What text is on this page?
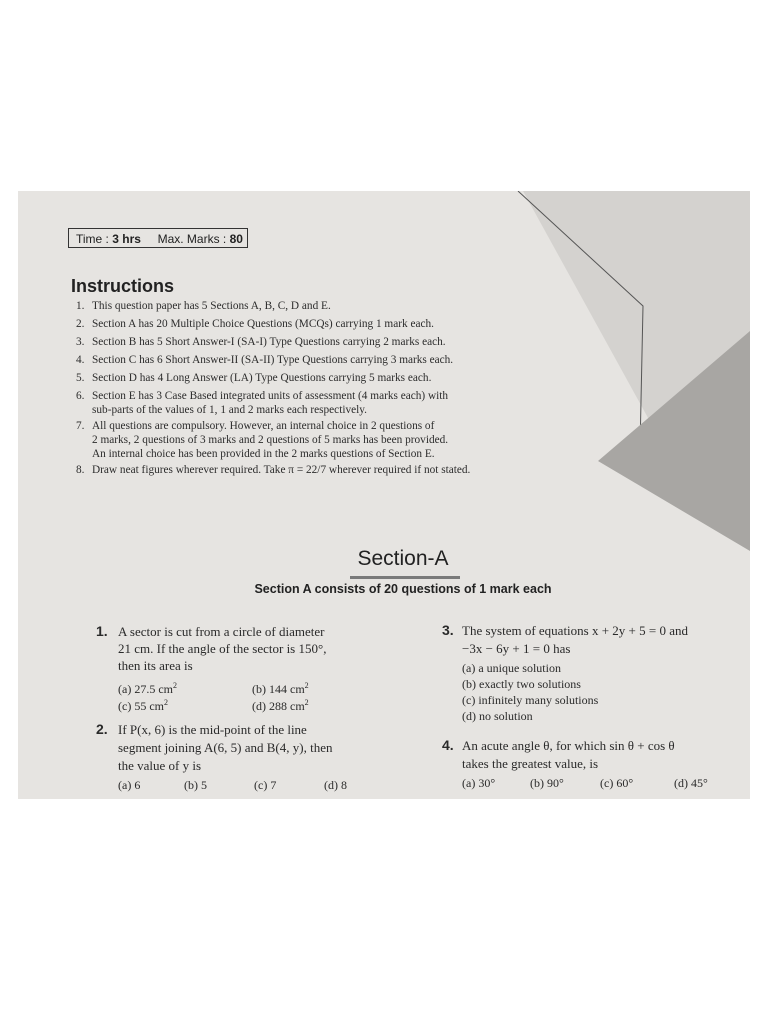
Time : 3 hrs Max. Marks : 80
Instructions
1. This question paper has 5 Sections A, B, C, D and E.
2. Section A has 20 Multiple Choice Questions (MCQs) carrying 1 mark each.
3. Section B has 5 Short Answer-I (SA-I) Type Questions carrying 2 marks each.
4. Section C has 6 Short Answer-II (SA-II) Type Questions carrying 3 marks each.
5. Section D has 4 Long Answer (LA) Type Questions carrying 5 marks each.
6. Section E has 3 Case Based integrated units of assessment (4 marks each) with
sub-parts of the values of 1, 1 and 2 marks each respectively.
7. All questions are compulsory. However, an internal choice in 2 questions of
2 marks, 2 questions of 3 marks and 2 questions of 5 marks has been provided.
An internal choice has been provided in the 2 marks questions of Section E.
8. Draw neat figures wherever required. Take π = 22/7 wherever required if not stated.
Section-A
Section A consists of 20 questions of 1 mark each
1. A sector is cut from a circle of diameter
21 cm. If the angle of the sector is 150°,
then its area is
(a) 27.5 $cm^2$	(b) 144 $cm^2$
(c) 55 $cm^2$	(d) 288 $cm^2$
2. If P(x, 6) is the mid-point of the line
segment joining A(6, 5) and B(4, y), then
the value of y is
(a) 6	(b) 5	(c) 7	(d) 8
3. The system of equations x + 2y + 5 = 0 and
−3x − 6y + 1 = 0 has
(a) a unique solution
(b) exactly two solutions
(c) infinitely many solutions
(d) no solution
4. An acute angle θ, for which sin θ + cos θ
takes the greatest value, is
(a) 30°	(b) 90°	(c) 60°	(d) 45°
